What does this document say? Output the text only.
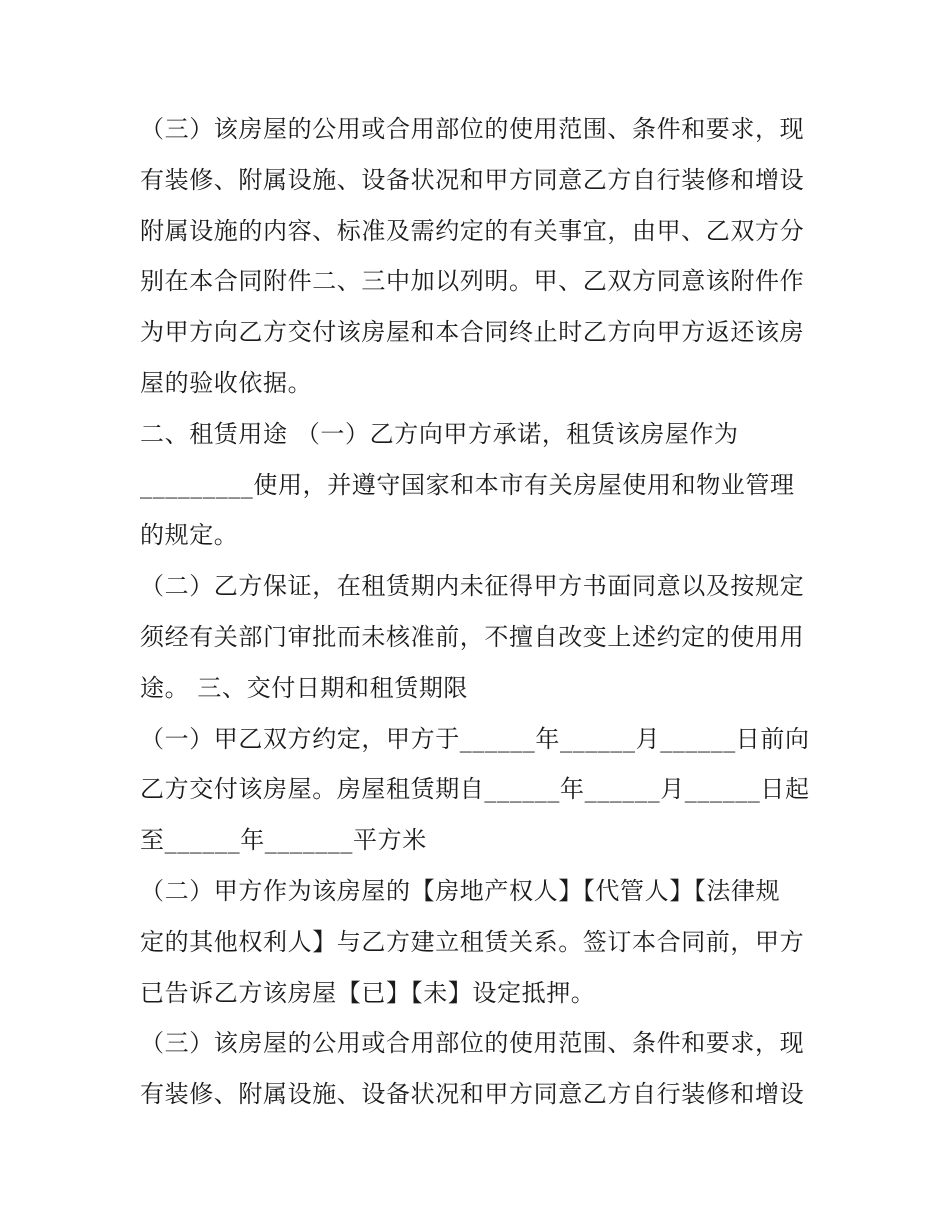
（三）该房屋的公用或合用部位的使用范围、条件和要求，现
有装修、附属设施、设备状况和甲方同意乙方自行装修和增设
附属设施的内容、标准及需约定的有关事宜，由甲、乙双方分
别在本合同附件二、三中加以列明。甲、乙双方同意该附件作
为甲方向乙方交付该房屋和本合同终止时乙方向甲方返还该房
屋的验收依据。
二、租赁用途 （一）乙方向甲方承诺，租赁该房屋作为
_________使用，并遵守国家和本市有关房屋使用和物业管理
的规定。
（二）乙方保证，在租赁期内未征得甲方书面同意以及按规定
须经有关部门审批而未核准前，不擅自改变上述约定的使用用
途。 三、交付日期和租赁期限
（一）甲乙双方约定，甲方于______年______月______日前向
乙方交付该房屋。房屋租赁期自______年______月______日起
至______年_______平方米
（二）甲方作为该房屋的【房地产权人】【代管人】【法律规
定的其他权利人】与乙方建立租赁关系。签订本合同前，甲方
已告诉乙方该房屋【已】【未】设定抵押。
（三）该房屋的公用或合用部位的使用范围、条件和要求，现
有装修、附属设施、设备状况和甲方同意乙方自行装修和增设
